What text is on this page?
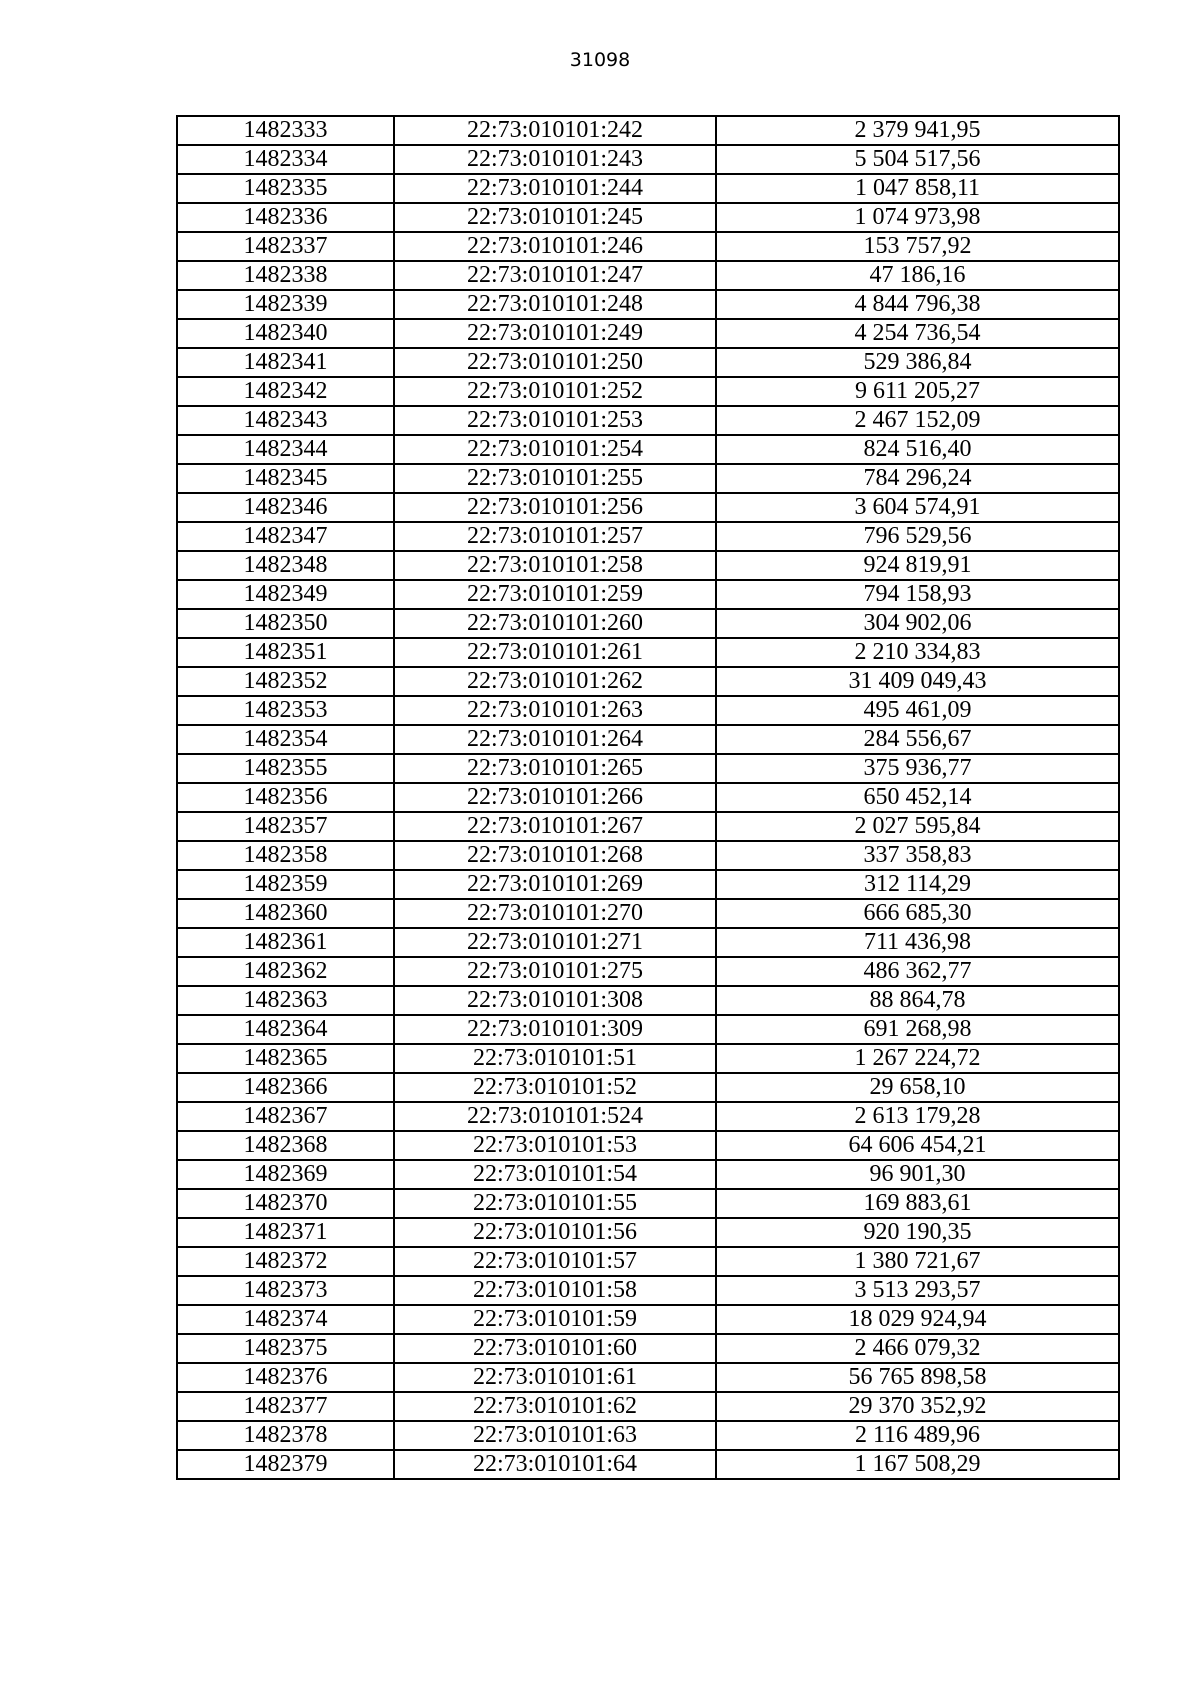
31098
1482333	22:73:010101:242	2 379 941,95
1482334	22:73:010101:243	5 504 517,56
1482335	22:73:010101:244	1 047 858,11
1482336	22:73:010101:245	1 074 973,98
1482337	22:73:010101:246	153 757,92
1482338	22:73:010101:247	47 186,16
1482339	22:73:010101:248	4 844 796,38
1482340	22:73:010101:249	4 254 736,54
1482341	22:73:010101:250	529 386,84
1482342	22:73:010101:252	9 611 205,27
1482343	22:73:010101:253	2 467 152,09
1482344	22:73:010101:254	824 516,40
1482345	22:73:010101:255	784 296,24
1482346	22:73:010101:256	3 604 574,91
1482347	22:73:010101:257	796 529,56
1482348	22:73:010101:258	924 819,91
1482349	22:73:010101:259	794 158,93
1482350	22:73:010101:260	304 902,06
1482351	22:73:010101:261	2 210 334,83
1482352	22:73:010101:262	31 409 049,43
1482353	22:73:010101:263	495 461,09
1482354	22:73:010101:264	284 556,67
1482355	22:73:010101:265	375 936,77
1482356	22:73:010101:266	650 452,14
1482357	22:73:010101:267	2 027 595,84
1482358	22:73:010101:268	337 358,83
1482359	22:73:010101:269	312 114,29
1482360	22:73:010101:270	666 685,30
1482361	22:73:010101:271	711 436,98
1482362	22:73:010101:275	486 362,77
1482363	22:73:010101:308	88 864,78
1482364	22:73:010101:309	691 268,98
1482365	22:73:010101:51	1 267 224,72
1482366	22:73:010101:52	29 658,10
1482367	22:73:010101:524	2 613 179,28
1482368	22:73:010101:53	64 606 454,21
1482369	22:73:010101:54	96 901,30
1482370	22:73:010101:55	169 883,61
1482371	22:73:010101:56	920 190,35
1482372	22:73:010101:57	1 380 721,67
1482373	22:73:010101:58	3 513 293,57
1482374	22:73:010101:59	18 029 924,94
1482375	22:73:010101:60	2 466 079,32
1482376	22:73:010101:61	56 765 898,58
1482377	22:73:010101:62	29 370 352,92
1482378	22:73:010101:63	2 116 489,96
1482379	22:73:010101:64	1 167 508,29
